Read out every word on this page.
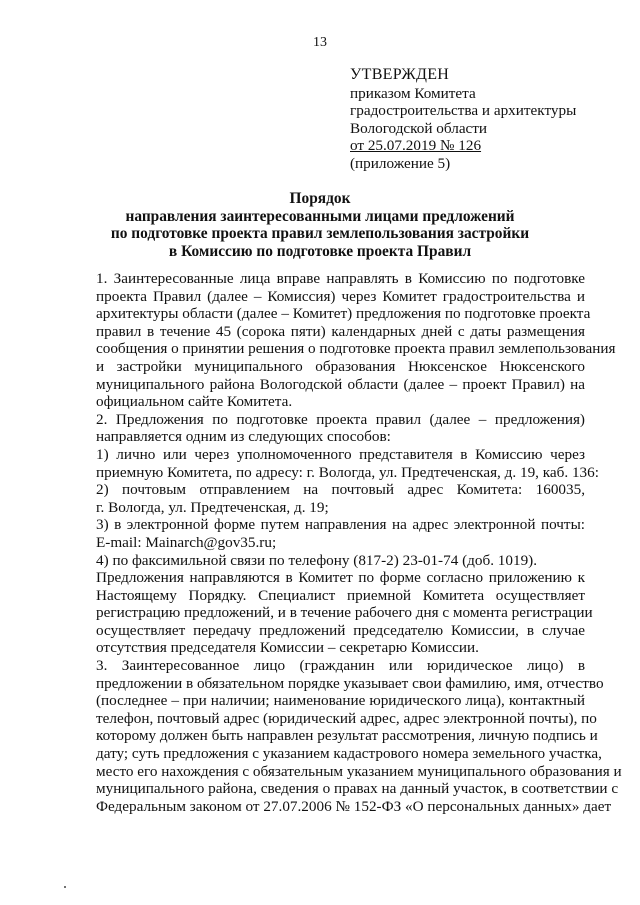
13
УТВЕРЖДЕН
приказом Комитета
градостроительства и архитектуры
Вологодской области
от 25.07.2019 № 126
(приложение 5)
Порядок
направления заинтересованными лицами предложений
по подготовке проекта правил землепользования застройки
в Комиссию по подготовке проекта Правил

1. Заинтересованные лица вправе направлять в Комиссию по подготовке
проекта Правил (далее – Комиссия) через Комитет градостроительства и
архитектуры области (далее – Комитет) предложения по подготовке проекта
правил в течение 45 (сорока пяти) календарных дней с даты размещения
сообщения о принятии решения о подготовке проекта правил землепользования
и застройки муниципального образования Нюксенское Нюксенского
муниципального района Вологодской области (далее – проект Правил) на
официальном сайте Комитета.

2. Предложения по подготовке проекта правил (далее – предложения)
направляется одним из следующих способов:

1) лично или через уполномоченного представителя в Комиссию через
приемную Комитета, по адресу: г. Вологда, ул. Предтеченская, д. 19, каб. 136:

2) почтовым отправлением на почтовый адрес Комитета: 160035,
г. Вологда, ул. Предтеченская, д. 19;

3) в электронной форме путем направления на адрес электронной почты:
E-mail: Mainarch@gov35.ru;

4) по факсимильной связи по телефону (817-2) 23-01-74 (доб. 1019).

Предложения направляются в Комитет по форме согласно приложению к
Настоящему Порядку. Специалист приемной Комитета осуществляет
регистрацию предложений, и в течение рабочего дня с момента регистрации
осуществляет передачу предложений председателю Комиссии, в случае
отсутствия председателя Комиссии – секретарю Комиссии.

3. Заинтересованное лицо (гражданин или юридическое лицо) в
предложении в обязательном порядке указывает свои фамилию, имя, отчество
(последнее – при наличии; наименование юридического лица), контактный
телефон, почтовый адрес (юридический адрес, адрес электронной почты), по
которому должен быть направлен результат рассмотрения, личную подпись и
дату; суть предложения с указанием кадастрового номера земельного участка,
место его нахождения с обязательным указанием муниципального образования и
муниципального района, сведения о правах на данный участок, в соответствии с
Федеральным законом от 27.07.2006 № 152-ФЗ «О персональных данных» дает
